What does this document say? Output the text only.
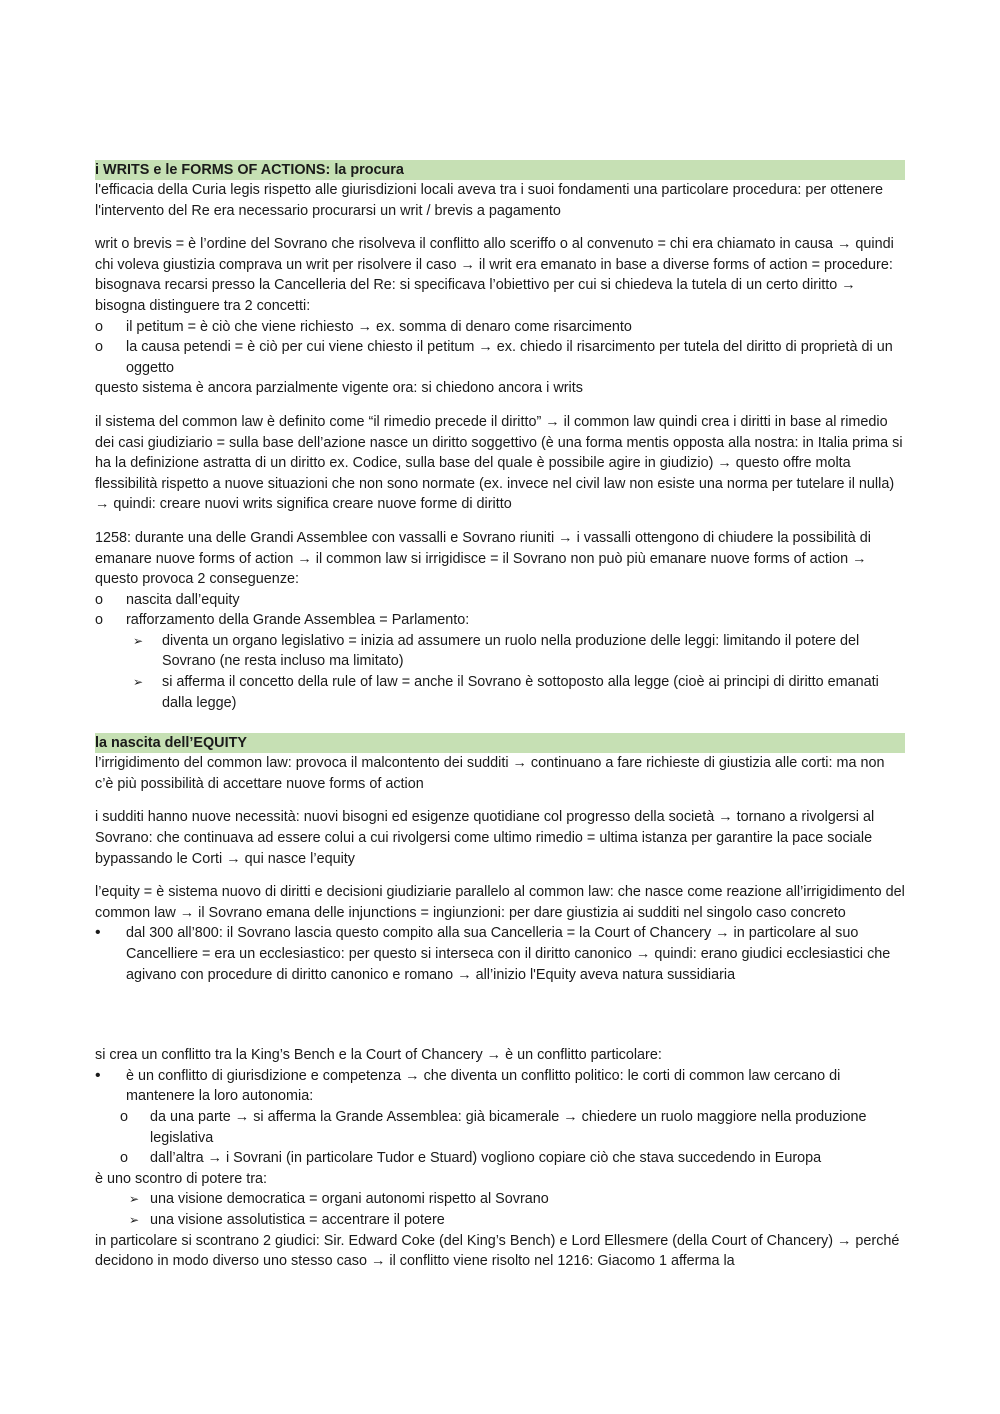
i WRITS e le FORMS OF ACTIONS: la procura

l'efficacia della Curia legis rispetto alle giurisdizioni locali aveva tra i suoi fondamenti una particolare procedura: per ottenere l'intervento del Re era necessario procurarsi un writ / brevis a pagamento

writ o brevis = è l’ordine del Sovrano che risolveva il conflitto allo sceriffo o al convenuto = chi era chiamato in causa → quindi chi voleva giustizia comprava un writ per risolvere il caso → il writ era emanato in base a diverse forms of action = procedure: bisognava recarsi presso la Cancelleria del Re: si specificava l’obiettivo per cui si chiedeva la tutela di un certo diritto → bisogna distinguere tra 2 concetti:

o
il petitum = è ciò che viene richiesto → ex. somma di denaro come risarcimento
o
la causa petendi = è ciò per cui viene chiesto il petitum → ex. chiedo il risarcimento per tutela del diritto di proprietà di un oggetto

questo sistema è ancora parzialmente vigente ora: si chiedono ancora i writs

il sistema del common law è definito come “il rimedio precede il diritto” → il common law quindi crea i diritti in base al rimedio dei casi giudiziario = sulla base dell’azione nasce un diritto soggettivo (è una forma mentis opposta alla nostra: in Italia prima si ha la definizione astratta di un diritto ex. Codice, sulla base del quale è possibile agire in giudizio) → questo offre molta flessibilità rispetto a nuove situazioni che non sono normate (ex. invece nel civil law non esiste una norma per tutelare il nulla) → quindi: creare nuovi writs significa creare nuove forme di diritto

1258: durante una delle Grandi Assemblee con vassalli e Sovrano riuniti → i vassalli ottengono di chiudere la possibilità di emanare nuove forms of action → il common law si irrigidisce = il Sovrano non può più emanare nuove forms of action → questo provoca 2 conseguenze:

o
nascita dall’equity
o
rafforzamento della Grande Assemblea = Parlamento:
➢
diventa un organo legislativo = inizia ad assumere un ruolo nella produzione delle leggi: limitando il potere del Sovrano (ne resta incluso ma limitato)
➢
si afferma il concetto della rule of law = anche il Sovrano è sottoposto alla legge (cioè ai principi di diritto emanati dalla legge)
la nascita dell’EQUITY

l’irrigidimento del common law: provoca il malcontento dei sudditi → continuano a fare richieste di giustizia alle corti: ma non c’è più possibilità di accettare nuove forms of action

i sudditi hanno nuove necessità: nuovi bisogni ed esigenze quotidiane col progresso della società → tornano a rivolgersi al Sovrano: che continuava ad essere colui a cui rivolgersi come ultimo rimedio = ultima istanza per garantire la pace sociale bypassando le Corti → qui nasce l’equity

l’equity = è sistema nuovo di diritti e decisioni giudiziarie parallelo al common law: che nasce come reazione all’irrigidimento del common law → il Sovrano emana delle injunctions = ingiunzioni: per dare giustizia ai sudditi nel singolo caso concreto

•
dal 300 all’800: il Sovrano lascia questo compito alla sua Cancelleria = la Court of Chancery → in particolare al suo Cancelliere = era un ecclesiastico: per questo si interseca con il diritto canonico → quindi: erano giudici ecclesiastici che agivano con procedure di diritto canonico e romano → all’inizio l'Equity aveva natura sussidiaria

si crea un conflitto tra la King’s Bench e la Court of Chancery → è un conflitto particolare:

•
è un conflitto di giurisdizione e competenza → che diventa un conflitto politico: le corti di common law cercano di mantenere la loro autonomia:
o
da una parte → si afferma la Grande Assemblea: già bicamerale → chiedere un ruolo maggiore nella produzione legislativa
o
dall’altra → i Sovrani (in particolare Tudor e Stuard) vogliono copiare ciò che stava succedendo in Europa

è uno scontro di potere tra:

➢
una visione democratica = organi autonomi rispetto al Sovrano
➢
una visione assolutistica = accentrare il potere

in particolare si scontrano 2 giudici: Sir. Edward Coke (del King’s Bench) e Lord Ellesmere (della Court of Chancery) → perché decidono in modo diverso uno stesso caso → il conflitto viene risolto nel 1216: Giacomo 1 afferma la
